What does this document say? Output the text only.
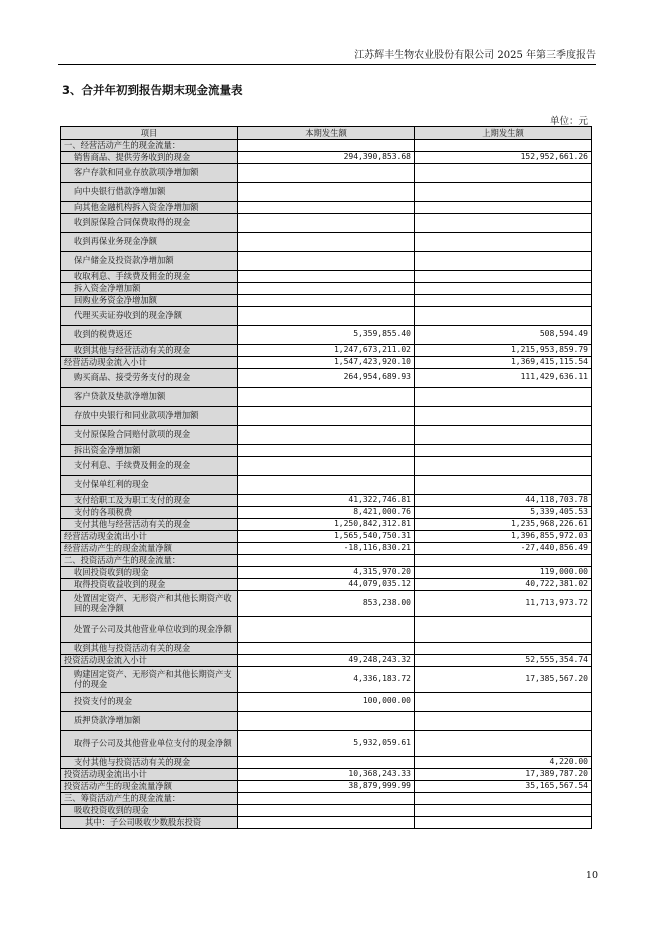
江苏辉丰生物农业股份有限公司 2025 年第三季度报告
3、合并年初到报告期末现金流量表
单位：元
项目	本期发生额	上期发生额
一、经营活动产生的现金流量：		
销售商品、提供劳务收到的现金	294,390,853.68	152,952,661.26
客户存款和同业存放款项净增加额		
向中央银行借款净增加额		
向其他金融机构拆入资金净增加额		
收到原保险合同保费取得的现金		
收到再保业务现金净额		
保户储金及投资款净增加额		
收取利息、手续费及佣金的现金		
拆入资金净增加额		
回购业务资金净增加额		
代理买卖证券收到的现金净额		
收到的税费返还	5,359,855.40	508,594.49
收到其他与经营活动有关的现金	1,247,673,211.02	1,215,953,859.79
经营活动现金流入小计	1,547,423,920.10	1,369,415,115.54
购买商品、接受劳务支付的现金	264,954,689.93	111,429,636.11
客户贷款及垫款净增加额		
存放中央银行和同业款项净增加额		
支付原保险合同赔付款项的现金		
拆出资金净增加额		
支付利息、手续费及佣金的现金		
支付保单红利的现金		
支付给职工及为职工支付的现金	41,322,746.81	44,118,703.78
支付的各项税费	8,421,000.76	5,339,405.53
支付其他与经营活动有关的现金	1,250,842,312.81	1,235,968,226.61
经营活动现金流出小计	1,565,540,750.31	1,396,855,972.03
经营活动产生的现金流量净额	-18,116,830.21	-27,440,856.49
二、投资活动产生的现金流量：		
收回投资收到的现金	4,315,970.20	119,000.00
取得投资收益收到的现金	44,079,035.12	40,722,381.02
处置固定资产、无形资产和其他长期资产收回的现金净额	853,238.00	11,713,973.72
处置子公司及其他营业单位收到的现金净额		
收到其他与投资活动有关的现金		
投资活动现金流入小计	49,248,243.32	52,555,354.74
购建固定资产、无形资产和其他长期资产支付的现金	4,336,183.72	17,385,567.20
投资支付的现金	100,000.00	
质押贷款净增加额		
取得子公司及其他营业单位支付的现金净额	5,932,059.61	
支付其他与投资活动有关的现金		4,220.00
投资活动现金流出小计	10,368,243.33	17,389,787.20
投资活动产生的现金流量净额	38,879,999.99	35,165,567.54
三、筹资活动产生的现金流量：		
吸收投资收到的现金		
其中：子公司吸收少数股东投资		
10
